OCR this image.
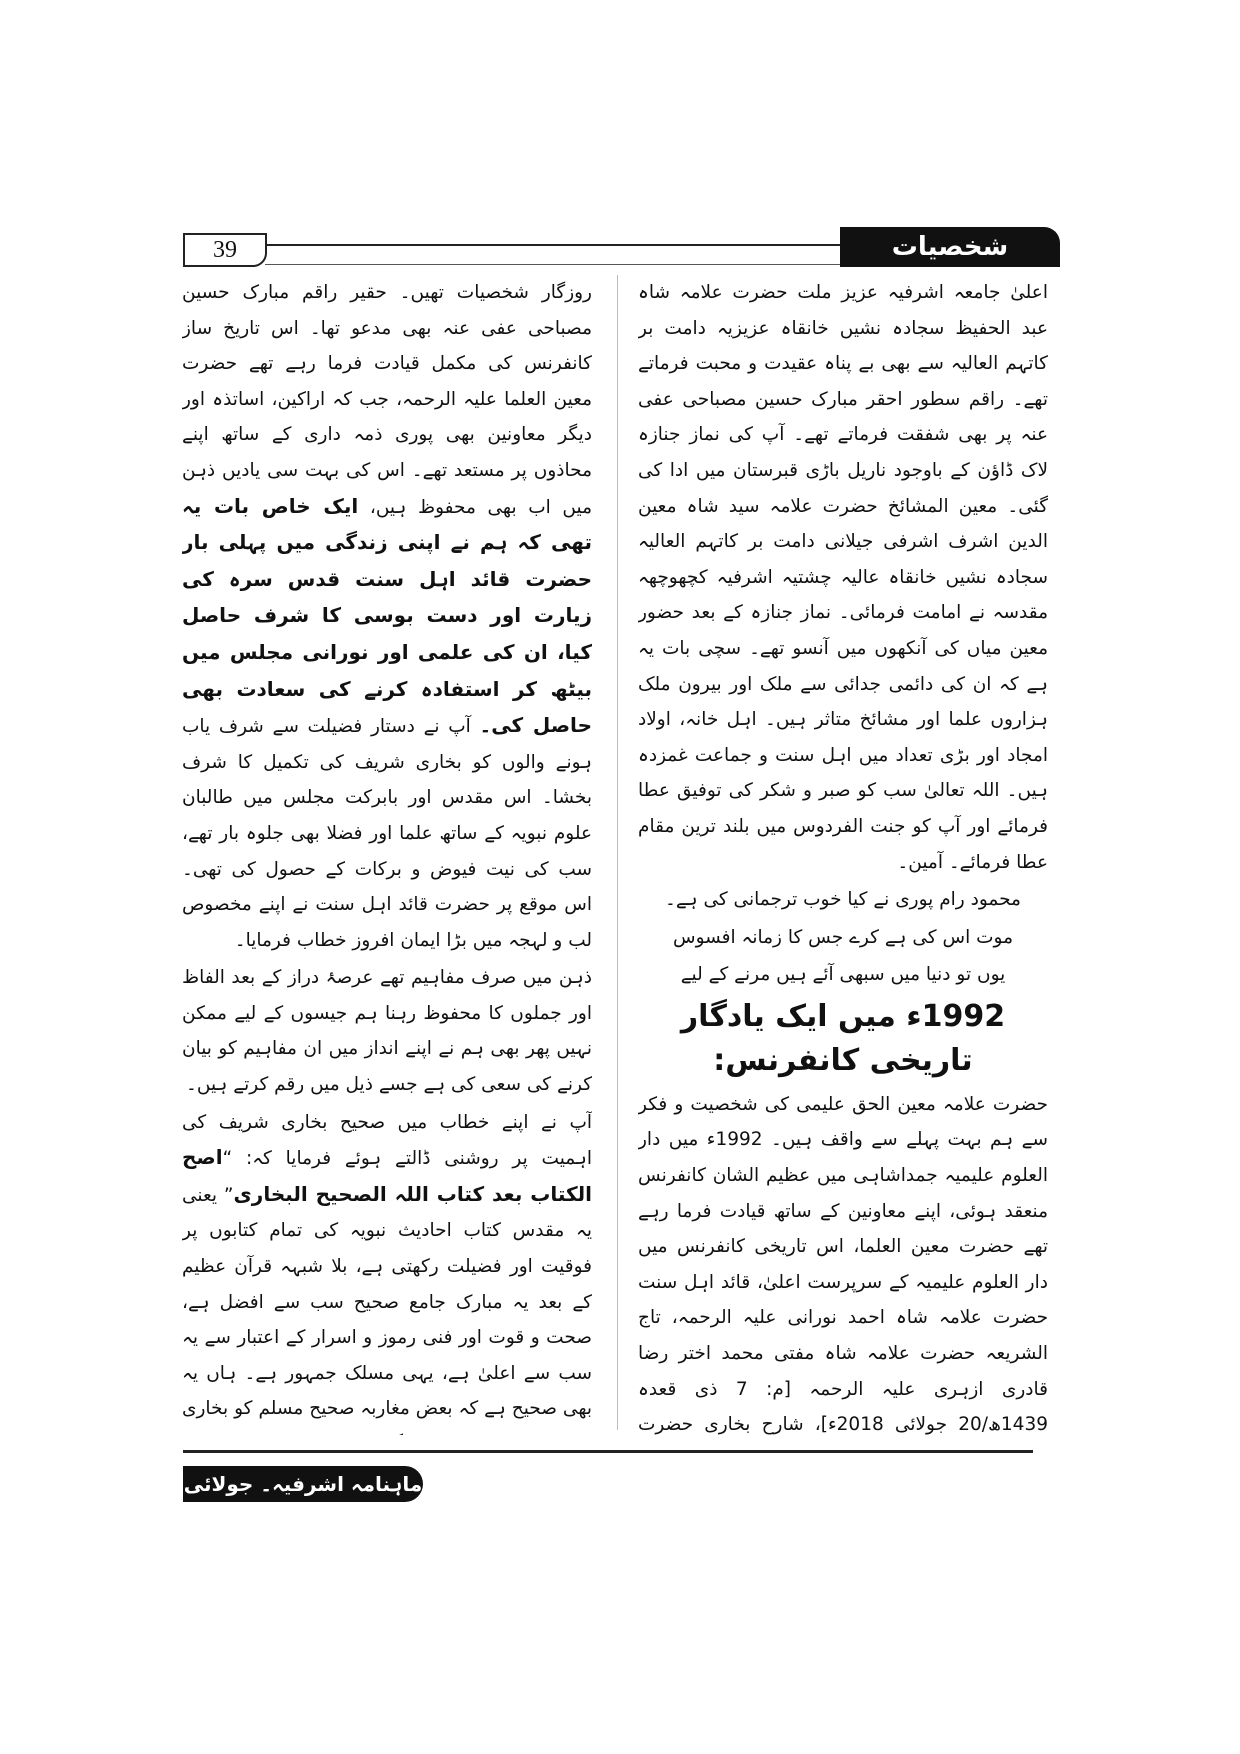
39	شخصیات

اعلیٰ جامعہ اشرفیہ عزیز ملت حضرت علامہ شاہ عبد الحفیظ سجادہ نشیں خانقاہ عزیزیہ دامت بر کاتہم العالیہ سے بھی بے پناہ عقیدت و محبت فرماتے تھے۔ راقم سطور احقر مبارک حسین مصباحی عفی عنہ پر بھی شفقت فرماتے تھے۔ آپ کی نماز جنازہ لاک ڈاؤن کے باوجود ناریل باڑی قبرستان میں ادا کی گئی۔ معین المشائخ حضرت علامہ سید شاہ معین الدین اشرف اشرفی جیلانی دامت بر کاتہم العالیہ سجادہ نشیں خانقاہ عالیہ چشتیہ اشرفیہ کچھوچھہ مقدسہ نے امامت فرمائی۔ نماز جنازہ کے بعد حضور معین میاں کی آنکھوں میں آنسو تھے۔ سچی بات یہ ہے کہ ان کی دائمی جدائی سے ملک اور بیرون ملک ہزاروں علما اور مشائخ متاثر ہیں۔ اہل خانہ، اولاد امجاد اور بڑی تعداد میں اہل سنت و جماعت غمزدہ ہیں۔ اللہ تعالیٰ سب کو صبر و شکر کی توفیق عطا فرمائے اور آپ کو جنت الفردوس میں بلند ترین مقام عطا فرمائے۔ آمین۔

محمود رام پوری نے کیا خوب ترجمانی کی ہے۔

موت اس کی ہے کرے جس کا زمانہ افسوس

یوں تو دنیا میں سبھی آئے ہیں مرنے کے لیے

1992ء میں ایک یادگار تاریخی کانفرنس:

حضرت علامہ معین الحق علیمی کی شخصیت و فکر سے ہم بہت پہلے سے واقف ہیں۔ 1992ء میں دار العلوم علیمیہ جمداشاہی میں عظیم الشان کانفرنس منعقد ہوئی، اپنے معاونین کے ساتھ قیادت فرما رہے تھے حضرت معین العلما، اس تاریخی کانفرنس میں دار العلوم علیمیہ کے سرپرست اعلیٰ، قائد اہل سنت حضرت علامہ شاہ احمد نورانی علیہ الرحمہ، تاج الشریعہ حضرت علامہ شاہ مفتی محمد اختر رضا قادری ازہری علیہ الرحمہ [م: 7 ذی قعدہ 1439ھ/20 جولائی 2018ء]، شارح بخاری حضرت

روزگار شخصیات تھیں۔ حقیر راقم مبارک حسین مصباحی عفی عنہ بھی مدعو تھا۔ اس تاریخ ساز کانفرنس کی مکمل قیادت فرما رہے تھے حضرت معین العلما علیہ الرحمہ، جب کہ اراکین، اساتذہ اور دیگر معاونین بھی پوری ذمہ داری کے ساتھ اپنے محاذوں پر مستعد تھے۔ اس کی بہت سی یادیں ذہن میں اب بھی محفوظ ہیں، ایک خاص بات یہ تھی کہ ہم نے اپنی زندگی میں پہلی بار حضرت قائد اہل سنت قدس سرہ کی زیارت اور دست بوسی کا شرف حاصل کیا، ان کی علمی اور نورانی مجلس میں بیٹھ کر استفادہ کرنے کی سعادت بھی حاصل کی۔ آپ نے دستار فضیلت سے شرف یاب ہونے والوں کو بخاری شریف کی تکمیل کا شرف بخشا۔ اس مقدس اور بابرکت مجلس میں طالبان علوم نبویہ کے ساتھ علما اور فضلا بھی جلوہ بار تھے، سب کی نیت فیوض و برکات کے حصول کی تھی۔ اس موقع پر حضرت قائد اہل سنت نے اپنے مخصوص لب و لہجہ میں بڑا ایمان افروز خطاب فرمایا۔

ذہن میں صرف مفاہیم تھے عرصۂ دراز کے بعد الفاظ اور جملوں کا محفوظ رہنا ہم جیسوں کے لیے ممکن نہیں پھر بھی ہم نے اپنے انداز میں ان مفاہیم کو بیان کرنے کی سعی کی ہے جسے ذیل میں رقم کرتے ہیں۔

آپ نے اپنے خطاب میں صحیح بخاری شریف کی اہمیت پر روشنی ڈالتے ہوئے فرمایا کہ: “اصح الکتاب بعد کتاب اللہ الصحیح البخاری” یعنی یہ مقدس کتاب احادیث نبویہ کی تمام کتابوں پر فوقیت اور فضیلت رکھتی ہے، بلا شبہہ قرآن عظیم کے بعد یہ مبارک جامع صحیح سب سے افضل ہے، صحت و قوت اور فنی رموز و اسرار کے اعتبار سے یہ سب سے اعلیٰ ہے، یہی مسلک جمہور ہے۔ ہاں یہ بھی صحیح ہے کہ بعض مغاربہ صحیح مسلم کو بخاری

ماہنامہ اشرفیہ۔ جولائی 2020ء
